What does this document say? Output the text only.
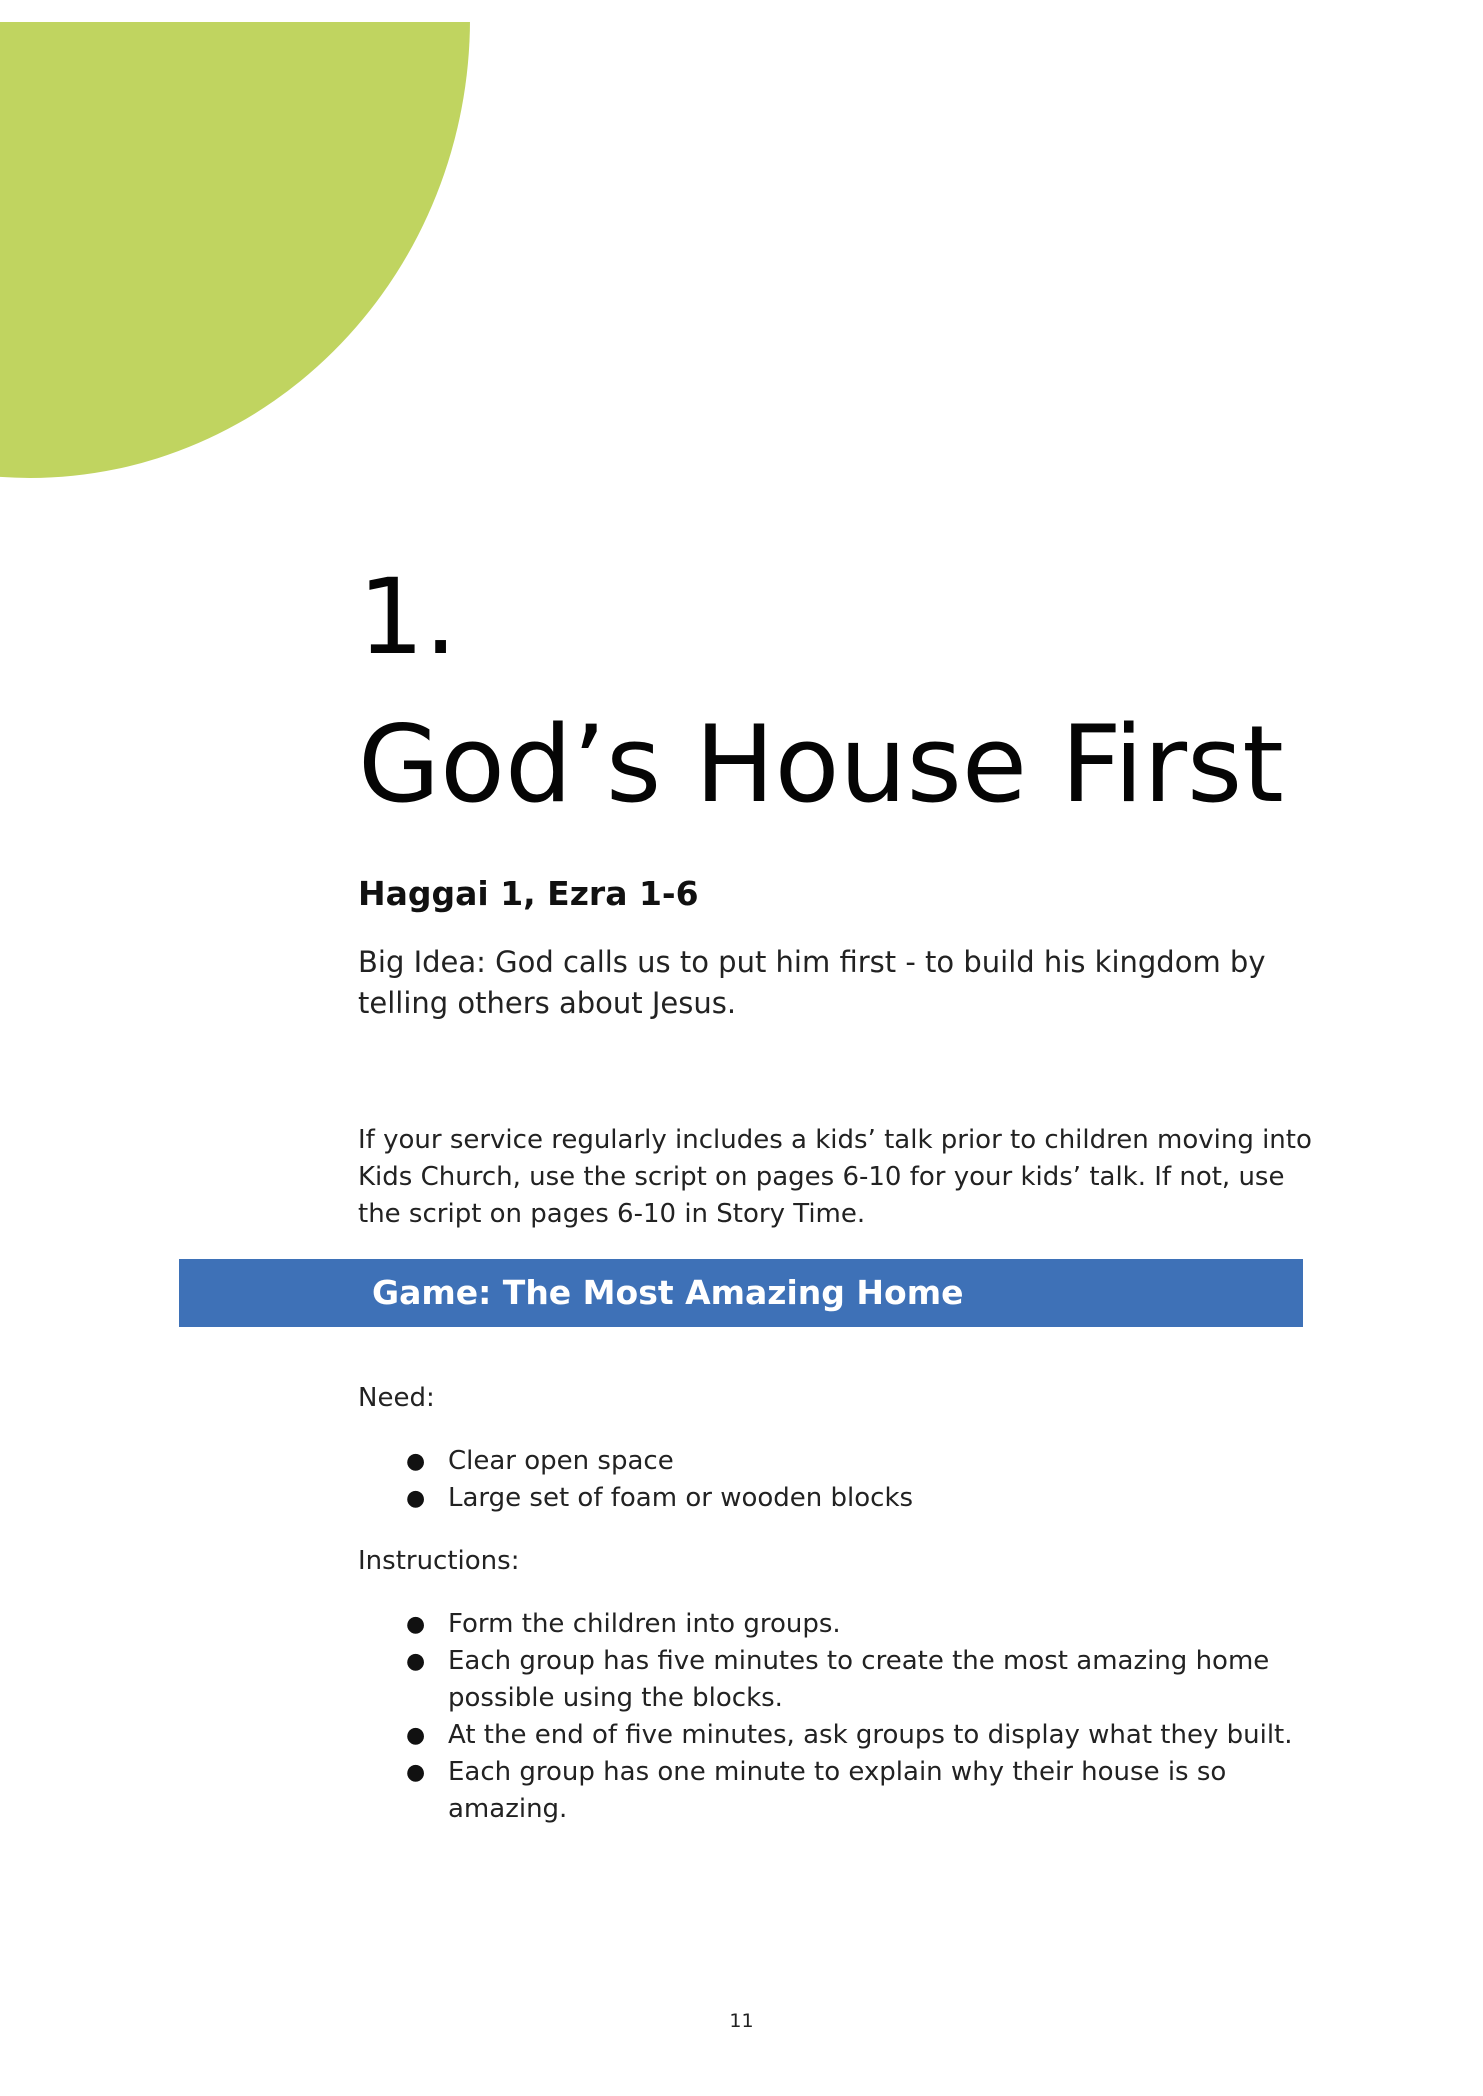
1.
God’s House First
Haggai 1, Ezra 1-6

Big Idea: God calls us to put him first - to build his kingdom by telling others about Jesus.

If your service regularly includes a kids’ talk prior to children moving into Kids Church, use the script on pages 6-10 for your kids’ talk. If not, use the script on pages 6-10 in Story Time.

Game: The Most Amazing Home

Need:

● Clear open space
● Large set of foam or wooden blocks

Instructions:

● Form the children into groups.
● Each group has five minutes to create the most amazing home possible using the blocks.
● At the end of five minutes, ask groups to display what they built.
● Each group has one minute to explain why their house is so amazing.

11
